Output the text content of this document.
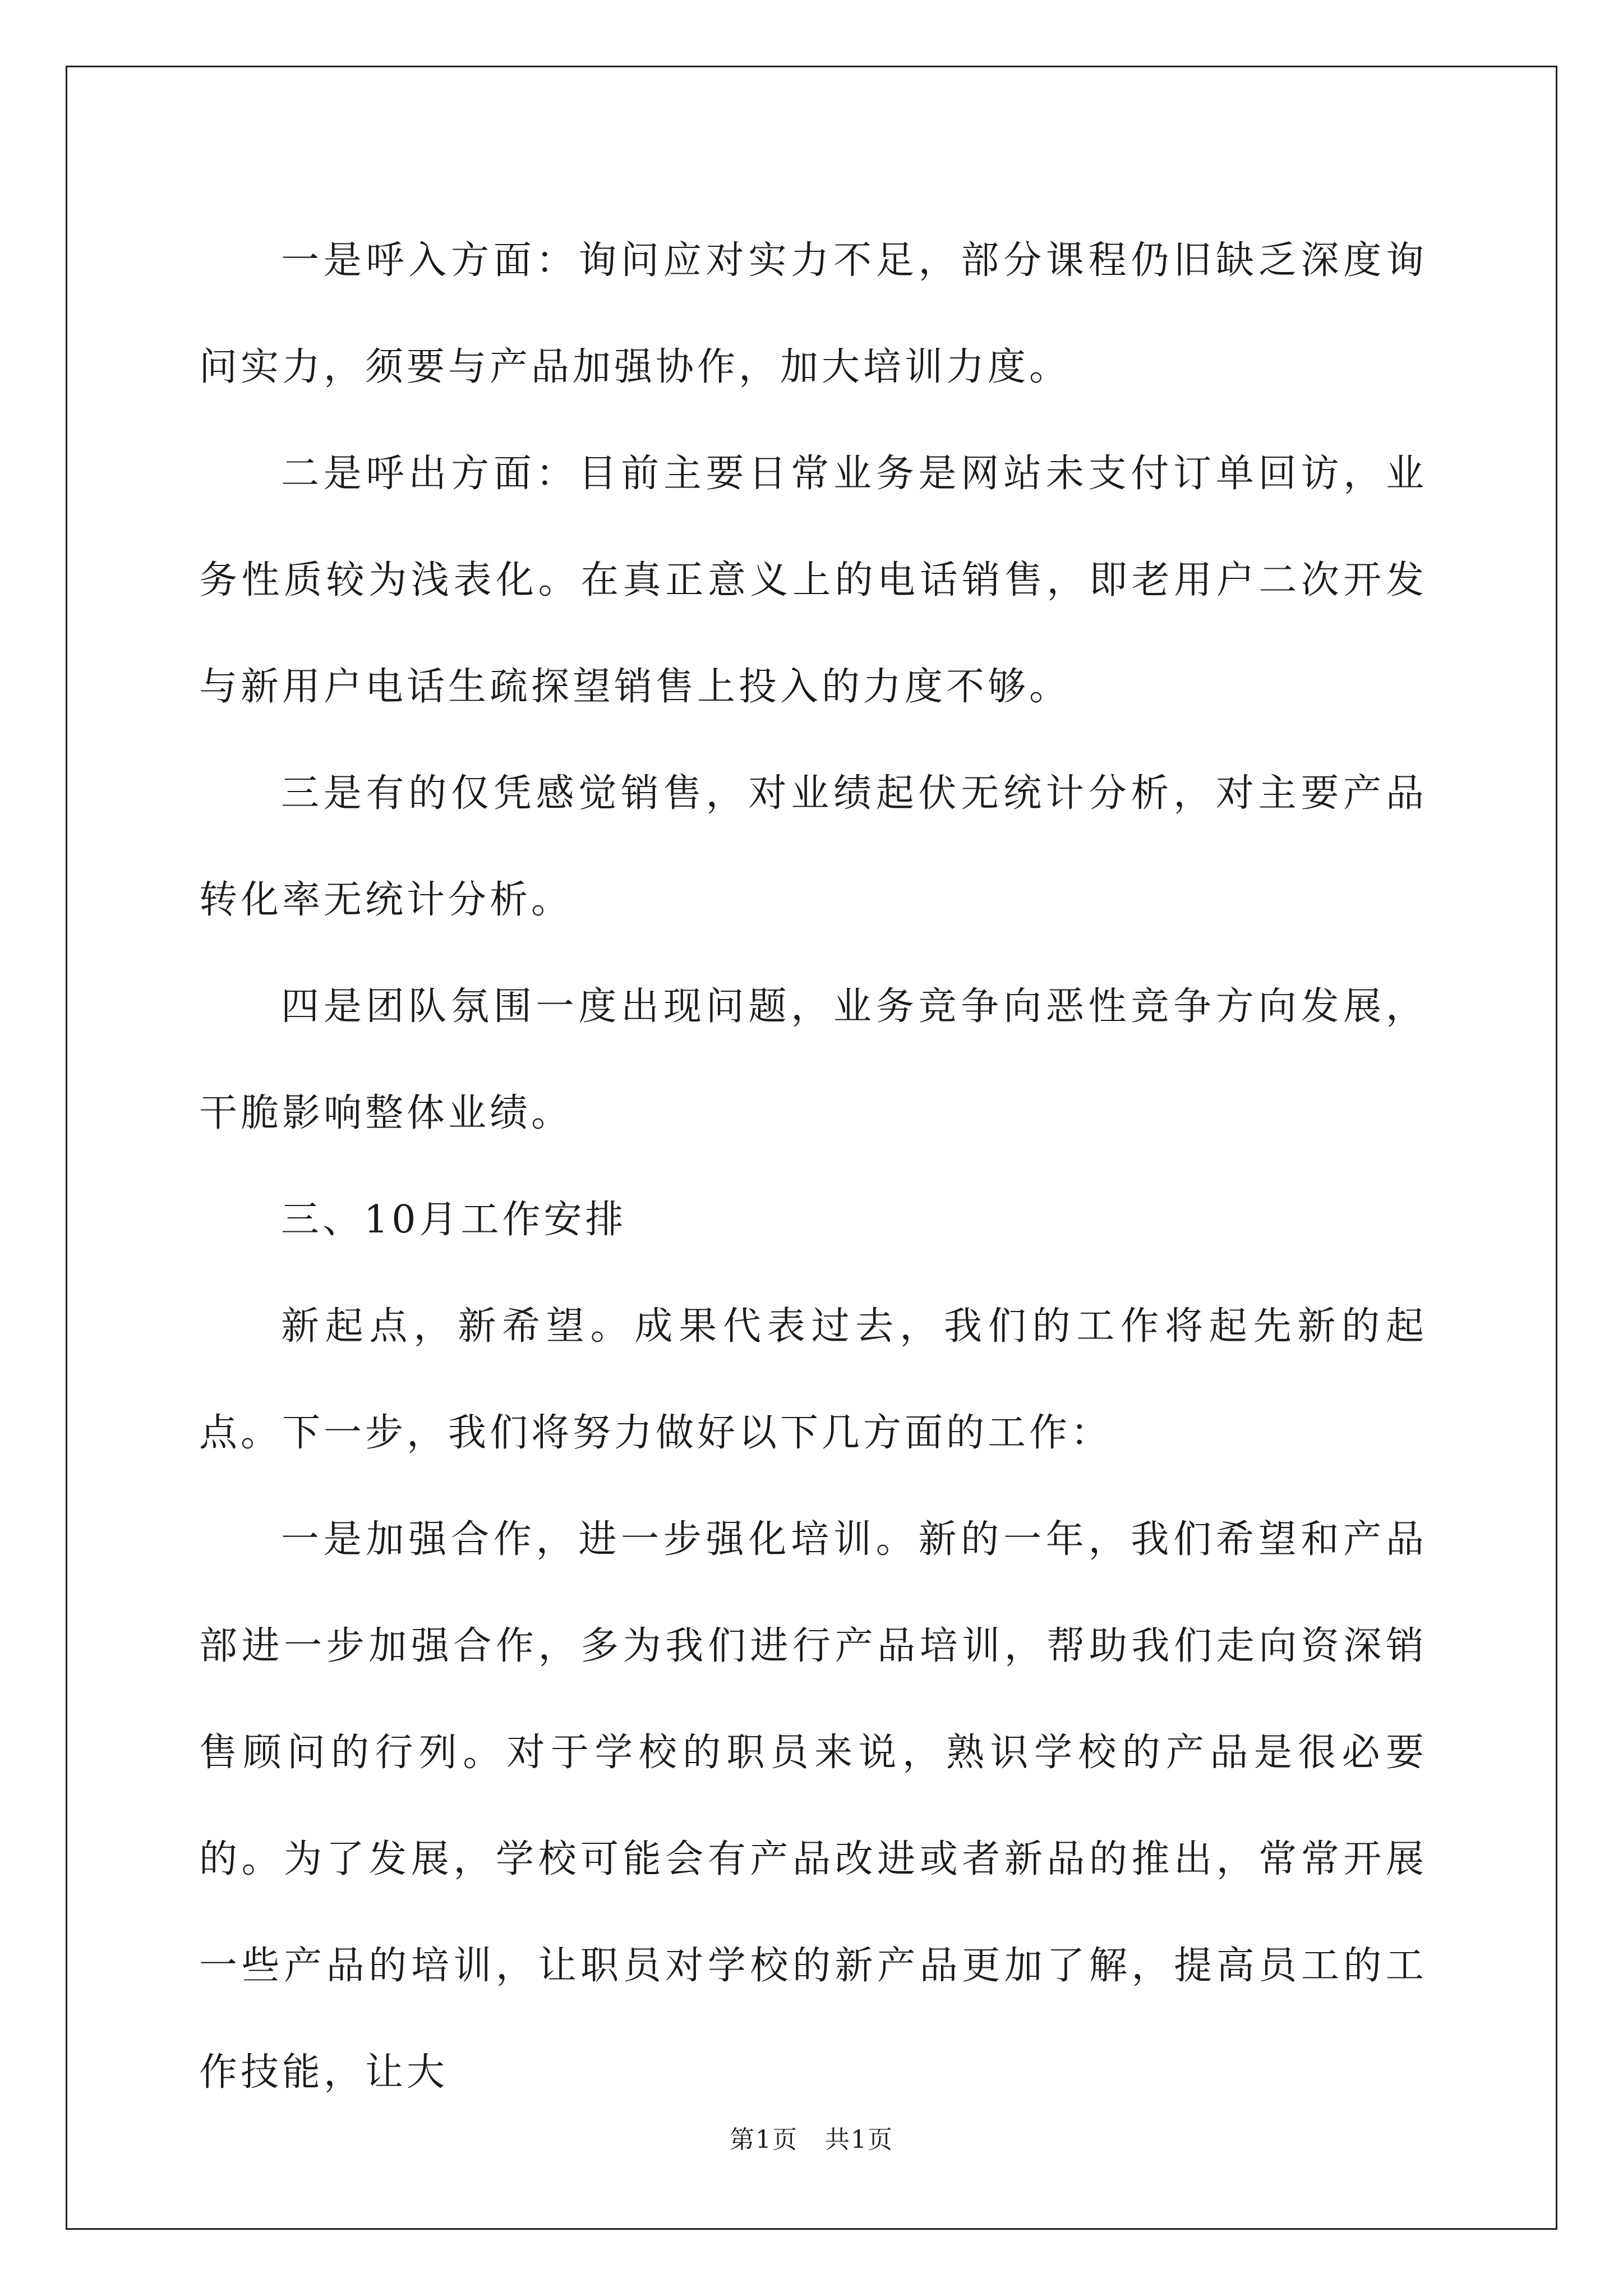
一是呼入方面：询问应对实力不足，部分课程仍旧缺乏深度询问实力，须要与产品加强协作，加大培训力度。

二是呼出方面：目前主要日常业务是网站未支付订单回访，业务性质较为浅表化。在真正意义上的电话销售，即老用户二次开发与新用户电话生疏探望销售上投入的力度不够。

三是有的仅凭感觉销售，对业绩起伏无统计分析，对主要产品转化率无统计分析。

四是团队氛围一度出现问题，业务竞争向恶性竞争方向发展，干脆影响整体业绩。

三、10月工作安排

新起点，新希望。成果代表过去，我们的工作将起先新的起点。下一步，我们将努力做好以下几方面的工作：

一是加强合作，进一步强化培训。新的一年，我们希望和产品部进一步加强合作，多为我们进行产品培训，帮助我们走向资深销售顾问的行列。对于学校的职员来说，熟识学校的产品是很必要的。为了发展，学校可能会有产品改进或者新品的推出，常常开展一些产品的培训，让职员对学校的新产品更加了解，提高员工的工作技能，让大

第1页 共1页
